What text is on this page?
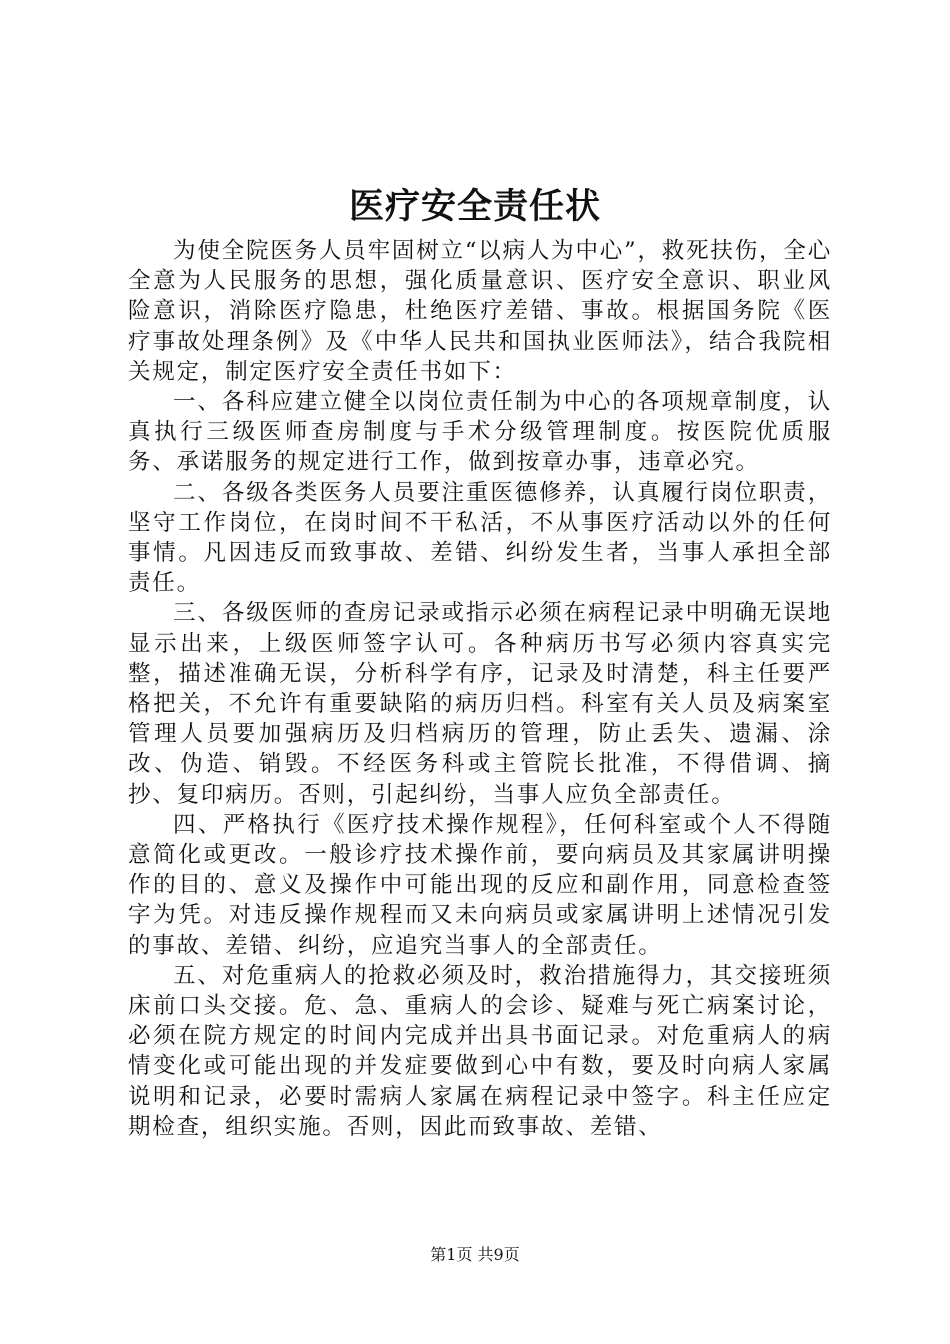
医疗安全责任状

为使全院医务人员牢固树立“以病人为中心”，救死扶伤，全心全意为人民服务的思想，强化质量意识、医疗安全意识、职业风险意识，消除医疗隐患，杜绝医疗差错、事故。根据国务院《医疗事故处理条例》及《中华人民共和国执业医师法》，结合我院相关规定，制定医疗安全责任书如下：

一、各科应建立健全以岗位责任制为中心的各项规章制度，认真执行三级医师查房制度与手术分级管理制度。按医院优质服务、承诺服务的规定进行工作，做到按章办事，违章必究。

二、各级各类医务人员要注重医德修养，认真履行岗位职责，坚守工作岗位，在岗时间不干私活，不从事医疗活动以外的任何事情。凡因违反而致事故、差错、纠纷发生者，当事人承担全部责任。

三、各级医师的查房记录或指示必须在病程记录中明确无误地显示出来，上级医师签字认可。各种病历书写必须内容真实完整，描述准确无误，分析科学有序，记录及时清楚，科主任要严格把关，不允许有重要缺陷的病历归档。科室有关人员及病案室管理人员要加强病历及归档病历的管理，防止丢失、遗漏、涂改、伪造、销毁。不经医务科或主管院长批准，不得借调、摘抄、复印病历。否则，引起纠纷，当事人应负全部责任。

四、严格执行《医疗技术操作规程》，任何科室或个人不得随意简化或更改。一般诊疗技术操作前，要向病员及其家属讲明操作的目的、意义及操作中可能出现的反应和副作用，同意检查签字为凭。对违反操作规程而又未向病员或家属讲明上述情况引发的事故、差错、纠纷，应追究当事人的全部责任。

五、对危重病人的抢救必须及时，救治措施得力，其交接班须床前口头交接。危、急、重病人的会诊、疑难与死亡病案讨论，必须在院方规定的时间内完成并出具书面记录。对危重病人的病情变化或可能出现的并发症要做到心中有数，要及时向病人家属说明和记录，必要时需病人家属在病程记录中签字。科主任应定期检查，组织实施。否则，因此而致事故、差错、

第1页 共9页
